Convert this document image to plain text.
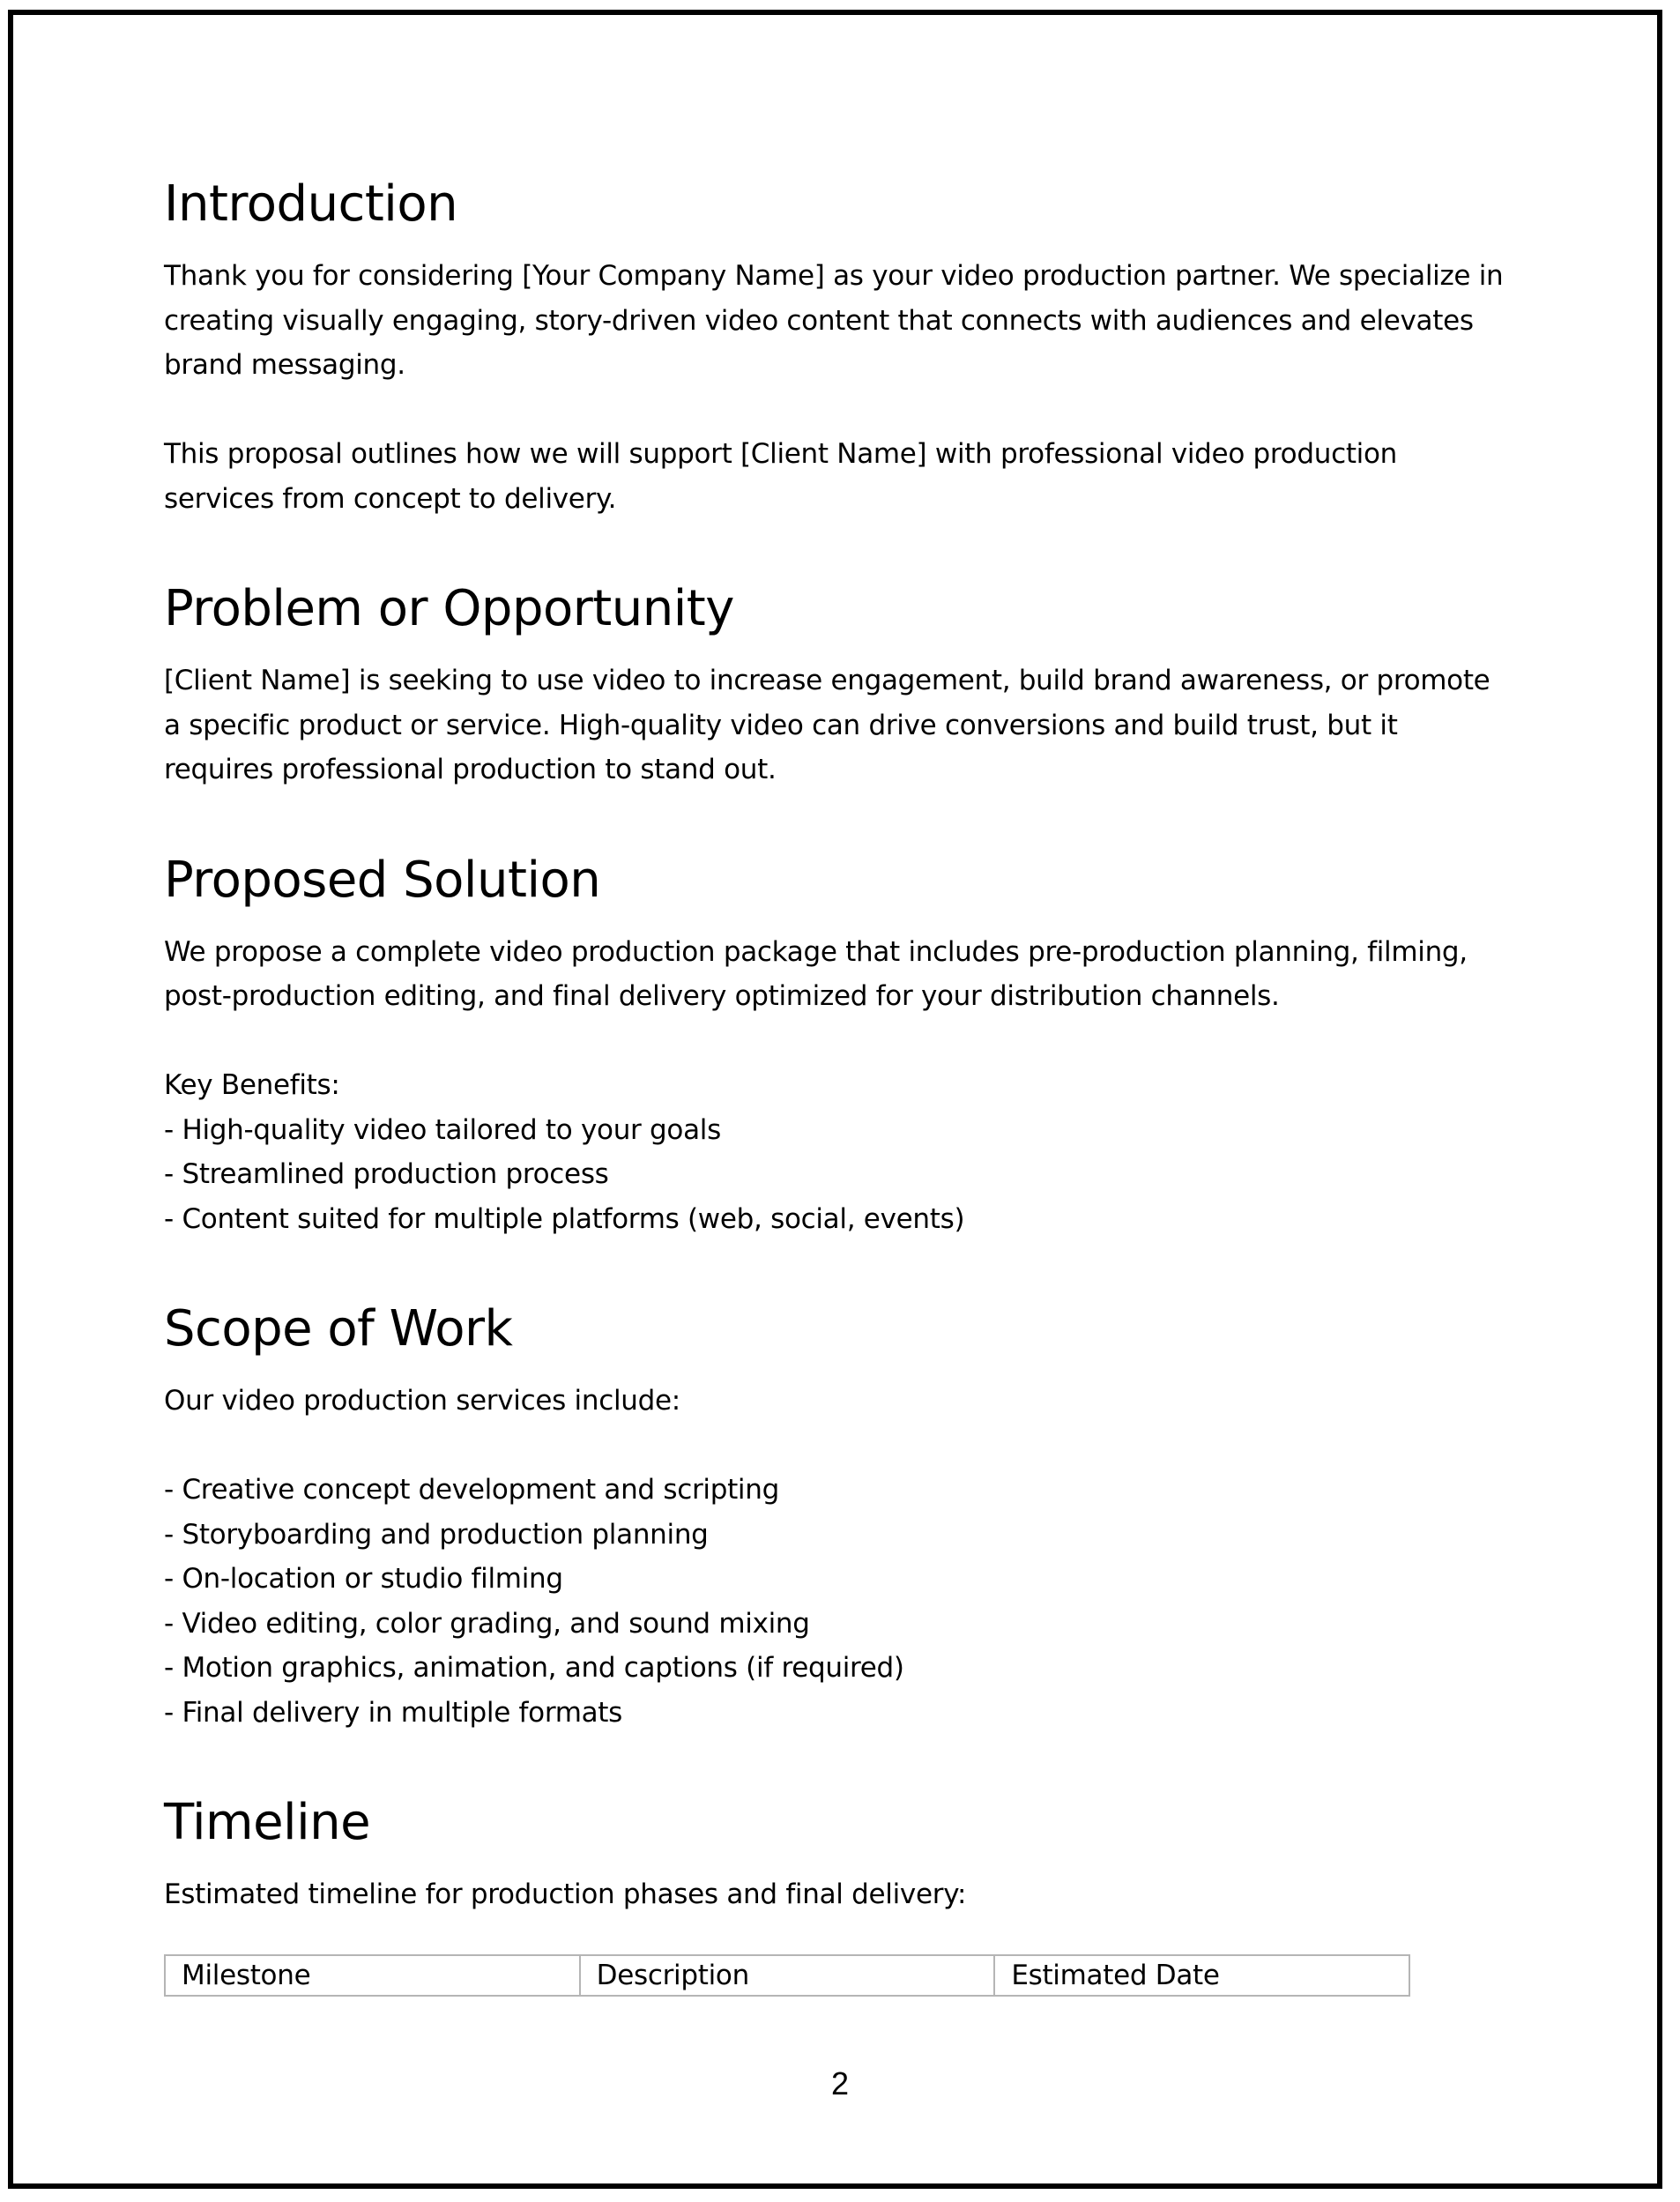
Introduction

Thank you for considering [Your Company Name] as your video production partner. We specialize in creating visually engaging, story-driven video content that connects with audiences and elevates brand messaging.

This proposal outlines how we will support [Client Name] with professional video production services from concept to delivery.

Problem or Opportunity

[Client Name] is seeking to use video to increase engagement, build brand awareness, or promote a specific product or service. High-quality video can drive conversions and build trust, but it requires professional production to stand out.

Proposed Solution

We propose a complete video production package that includes pre-production planning, filming, post-production editing, and final delivery optimized for your distribution channels.

Key Benefits:

- High-quality video tailored to your goals
- Streamlined production process
- Content suited for multiple platforms (web, social, events)
Scope of Work

Our video production services include:

- Creative concept development and scripting
- Storyboarding and production planning
- On-location or studio filming
- Video editing, color grading, and sound mixing
- Motion graphics, animation, and captions (if required)
- Final delivery in multiple formats
Timeline

Estimated timeline for production phases and final delivery:

Milestone	Description	Estimated Date
2
